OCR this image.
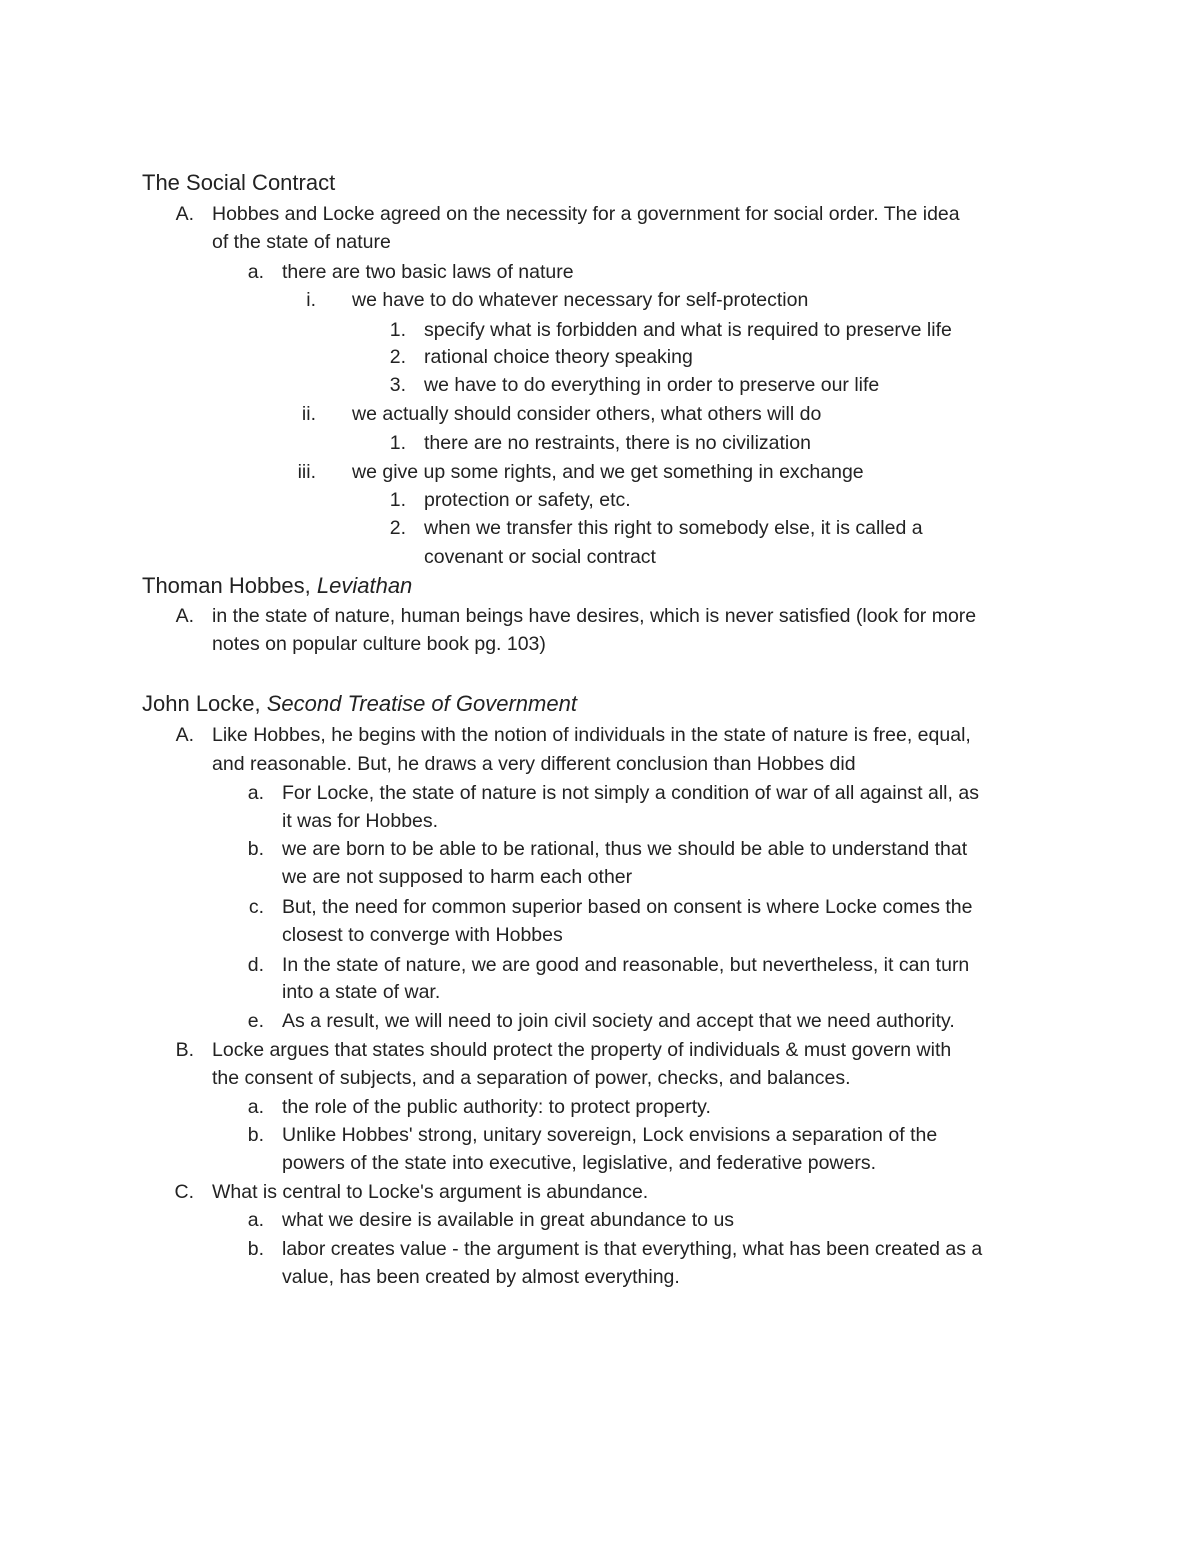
The Social Contract
A. Hobbes and Locke agreed on the necessity for a government for social order. The idea
of the state of nature
a. there are two basic laws of nature
i. we have to do whatever necessary for self-protection
1. specify what is forbidden and what is required to preserve life
2. rational choice theory speaking
3. we have to do everything in order to preserve our life
ii. we actually should consider others, what others will do
1. there are no restraints, there is no civilization
iii. we give up some rights, and we get something in exchange
1. protection or safety, etc.
2. when we transfer this right to somebody else, it is called a
covenant or social contract
Thoman Hobbes, Leviathan
A. in the state of nature, human beings have desires, which is never satisfied (look for more
notes on popular culture book pg. 103)
John Locke, Second Treatise of Government
A. Like Hobbes, he begins with the notion of individuals in the state of nature is free, equal,
and reasonable. But, he draws a very different conclusion than Hobbes did
a. For Locke, the state of nature is not simply a condition of war of all against all, as
it was for Hobbes.
b. we are born to be able to be rational, thus we should be able to understand that
we are not supposed to harm each other
c. But, the need for common superior based on consent is where Locke comes the
closest to converge with Hobbes
d. In the state of nature, we are good and reasonable, but nevertheless, it can turn
into a state of war.
e. As a result, we will need to join civil society and accept that we need authority.
B. Locke argues that states should protect the property of individuals & must govern with
the consent of subjects, and a separation of power, checks, and balances.
a. the role of the public authority: to protect property.
b. Unlike Hobbes' strong, unitary sovereign, Lock envisions a separation of the
powers of the state into executive, legislative, and federative powers.
C. What is central to Locke's argument is abundance.
a. what we desire is available in great abundance to us
b. labor creates value - the argument is that everything, what has been created as a
value, has been created by almost everything.
